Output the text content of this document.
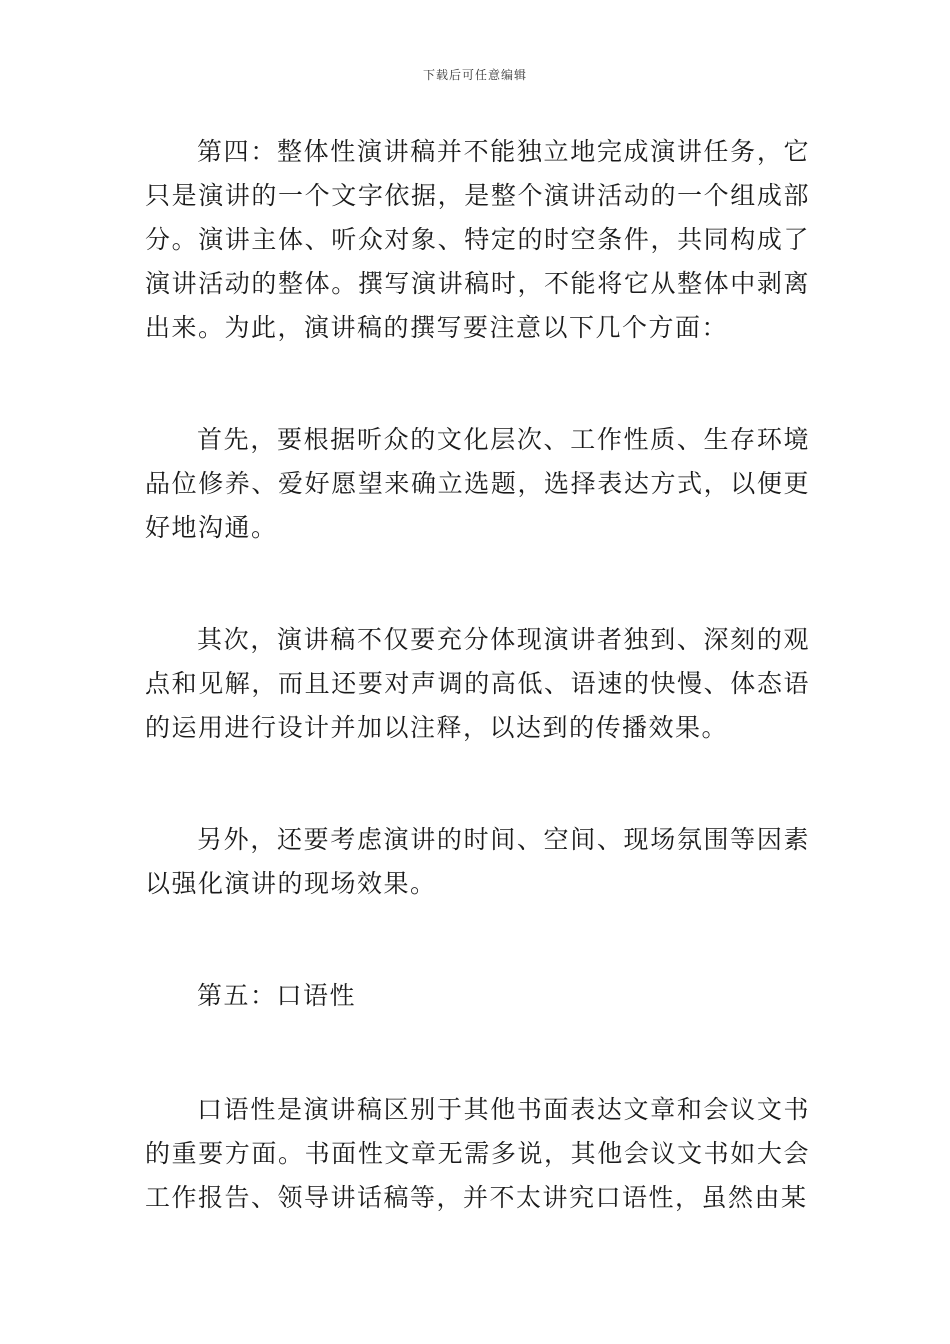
下载后可任意编辑

第四：整体性演讲稿并不能独立地完成演讲任务，它只是演讲的一个文字依据，是整个演讲活动的一个组成部分。演讲主体、听众对象、特定的时空条件，共同构成了演讲活动的整体。撰写演讲稿时，不能将它从整体中剥离出来。为此，演讲稿的撰写要注意以下几个方面：

首先，要根据听众的文化层次、工作性质、生存环境品位修养、爱好愿望来确立选题，选择表达方式，以便更好地沟通。

其次，演讲稿不仅要充分体现演讲者独到、深刻的观点和见解，而且还要对声调的高低、语速的快慢、体态语的运用进行设计并加以注释，以达到的传播效果。

另外，还要考虑演讲的时间、空间、现场氛围等因素以强化演讲的现场效果。

第五：口语性

口语性是演讲稿区别于其他书面表达文章和会议文书的重要方面。书面性文章无需多说，其他会议文书如大会工作报告、领导讲话稿等，并不太讲究口语性，虽然由某
